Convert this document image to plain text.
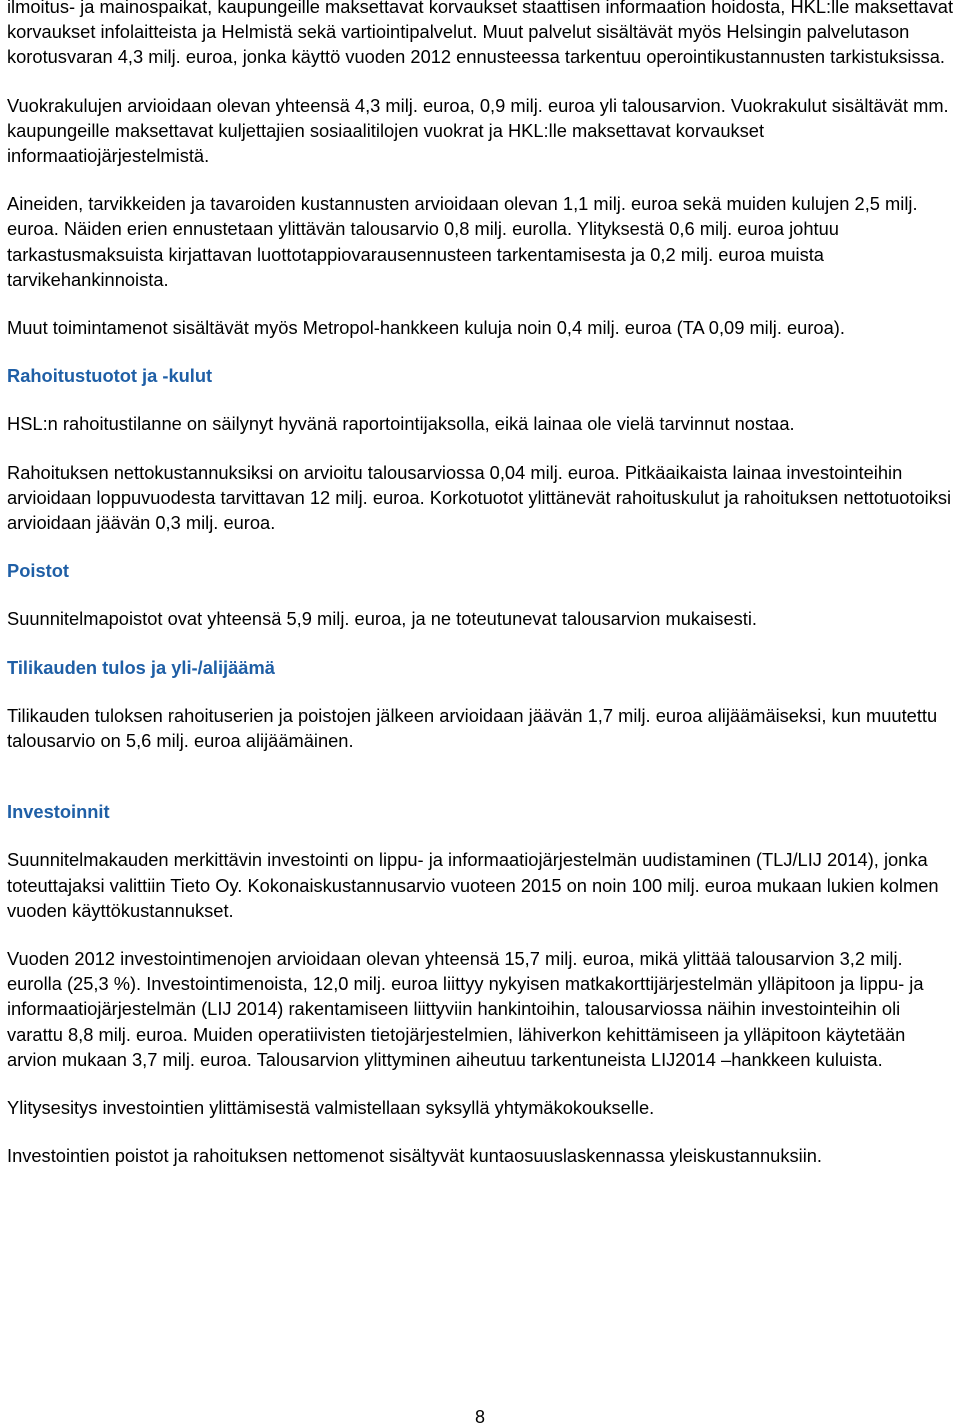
ilmoitus- ja mainospaikat, kaupungeille maksettavat korvaukset staattisen informaation hoidosta, HKL:lle maksettavat korvaukset infolaitteista ja Helmistä sekä vartiointipalvelut. Muut palvelut sisältävät myös Helsingin palvelutason korotusvaran 4,3 milj. euroa, jonka käyttö vuoden 2012 ennusteessa tarkentuu operointikustannusten tarkistuksissa.

Vuokrakulujen arvioidaan olevan yhteensä 4,3 milj. euroa, 0,9 milj. euroa yli talousarvion. Vuokrakulut sisältävät mm. kaupungeille maksettavat kuljettajien sosiaalitilojen vuokrat ja HKL:lle maksettavat korvaukset informaatiojärjestelmistä.

Aineiden, tarvikkeiden ja tavaroiden kustannusten arvioidaan olevan 1,1 milj. euroa sekä muiden kulujen 2,5 milj. euroa. Näiden erien ennustetaan ylittävän talousarvio 0,8 milj. eurolla. Ylityksestä 0,6 milj. euroa johtuu tarkastusmaksuista kirjattavan luottotappiovarausennusteen tarkentamisesta ja 0,2 milj. euroa muista tarvikehankinnoista.

Muut toimintamenot sisältävät myös Metropol-hankkeen kuluja noin 0,4 milj. euroa (TA 0,09 milj. euroa).

Rahoitustuotot ja -kulut

HSL:n rahoitustilanne on säilynyt hyvänä raportointijaksolla, eikä lainaa ole vielä tarvinnut nostaa.

Rahoituksen nettokustannuksiksi on arvioitu talousarviossa 0,04 milj. euroa. Pitkäaikaista lainaa investointeihin arvioidaan loppuvuodesta tarvittavan 12 milj. euroa. Korkotuotot ylittänevät rahoituskulut ja rahoituksen nettotuotoiksi arvioidaan jäävän 0,3 milj. euroa.

Poistot

Suunnitelmapoistot ovat yhteensä 5,9 milj. euroa, ja ne toteutunevat talousarvion mukaisesti.

Tilikauden tulos ja yli-/alijäämä

Tilikauden tuloksen rahoituserien ja poistojen jälkeen arvioidaan jäävän 1,7 milj. euroa alijäämäiseksi, kun muutettu talousarvio on 5,6 milj. euroa alijäämäinen.

Investoinnit

Suunnitelmakauden merkittävin investointi on lippu- ja informaatiojärjestelmän uudistaminen (TLJ/LIJ 2014), jonka toteuttajaksi valittiin Tieto Oy. Kokonaiskustannusarvio vuoteen 2015 on noin 100 milj. euroa mukaan lukien kolmen vuoden käyttökustannukset.

Vuoden 2012 investointimenojen arvioidaan olevan yhteensä 15,7 milj. euroa, mikä ylittää talousarvion 3,2 milj. eurolla (25,3 %). Investointimenoista, 12,0 milj. euroa liittyy nykyisen matkakorttijärjestelmän ylläpitoon ja lippu- ja informaatiojärjestelmän (LIJ 2014) rakentamiseen liittyviin hankintoihin, talousarviossa näihin investointeihin oli varattu 8,8 milj. euroa. Muiden operatiivisten tietojärjestelmien, lähiverkon kehittämiseen ja ylläpitoon käytetään arvion mukaan 3,7 milj. euroa. Talousarvion ylittyminen aiheutuu tarkentuneista LIJ2014 –hankkeen kuluista.

Ylitysesitys investointien ylittämisestä valmistellaan syksyllä yhtymäkokoukselle.

Investointien poistot ja rahoituksen nettomenot sisältyvät kuntaosuuslaskennassa yleiskustannuksiin.

8
